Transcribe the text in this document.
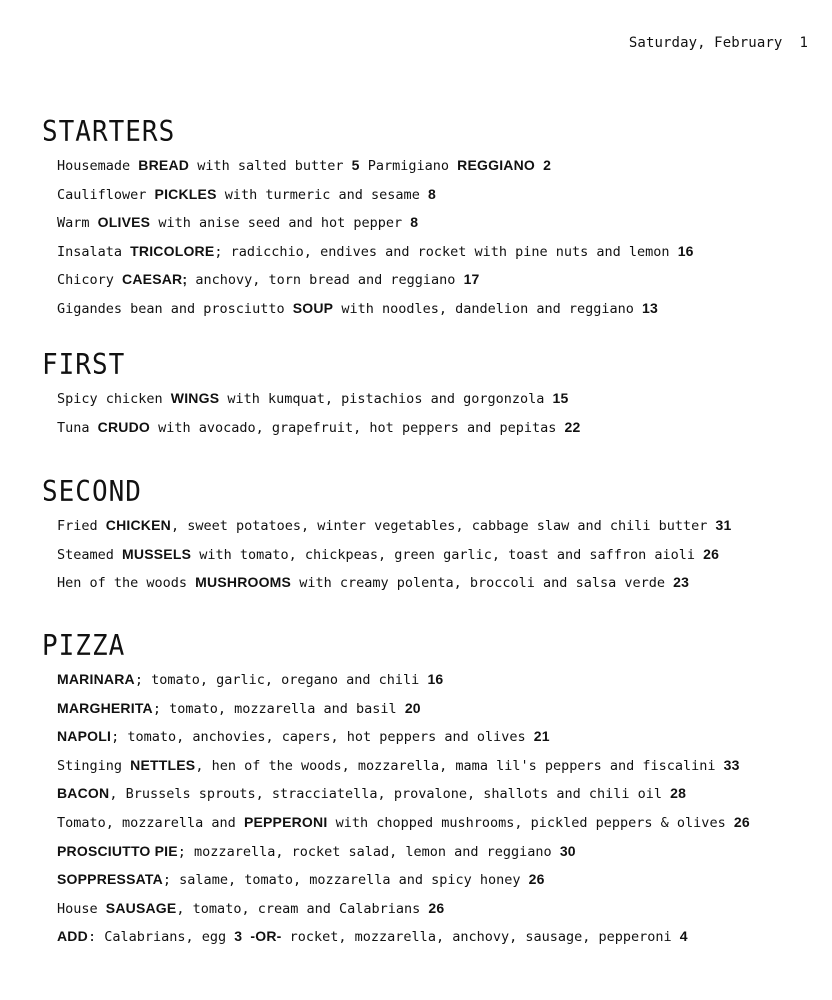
Saturday, February  1
STARTERS
Housemade BREAD with salted butter 5 Parmigiano REGGIANO 2
Cauliflower PICKLES with turmeric and sesame 8
Warm OLIVES with anise seed and hot pepper 8
Insalata TRICOLORE; radicchio, endives and rocket with pine nuts and lemon 16
Chicory CAESAR; anchovy, torn bread and reggiano 17
Gigandes bean and prosciutto SOUP with noodles, dandelion and reggiano 13
FIRST
Spicy chicken WINGS with kumquat, pistachios and gorgonzola 15
Tuna CRUDO with avocado, grapefruit, hot peppers and pepitas 22
SECOND
Fried CHICKEN, sweet potatoes, winter vegetables, cabbage slaw and chili butter 31
Steamed MUSSELS with tomato, chickpeas, green garlic, toast and saffron aioli 26
Hen of the woods MUSHROOMS with creamy polenta, broccoli and salsa verde 23
PIZZA
MARINARA; tomato, garlic, oregano and chili 16
MARGHERITA; tomato, mozzarella and basil 20
NAPOLI; tomato, anchovies, capers, hot peppers and olives 21
Stinging NETTLES, hen of the woods, mozzarella, mama lil's peppers and fiscalini 33
BACON, Brussels sprouts, stracciatella, provalone, shallots and chili oil 28
Tomato, mozzarella and PEPPERONI with chopped mushrooms, pickled peppers & olives 26
PROSCIUTTO PIE; mozzarella, rocket salad, lemon and reggiano 30
SOPPRESSATA; salame, tomato, mozzarella and spicy honey 26
House SAUSAGE, tomato, cream and Calabrians 26
ADD: Calabrians, egg 3 -OR- rocket, mozzarella, anchovy, sausage, pepperoni 4
